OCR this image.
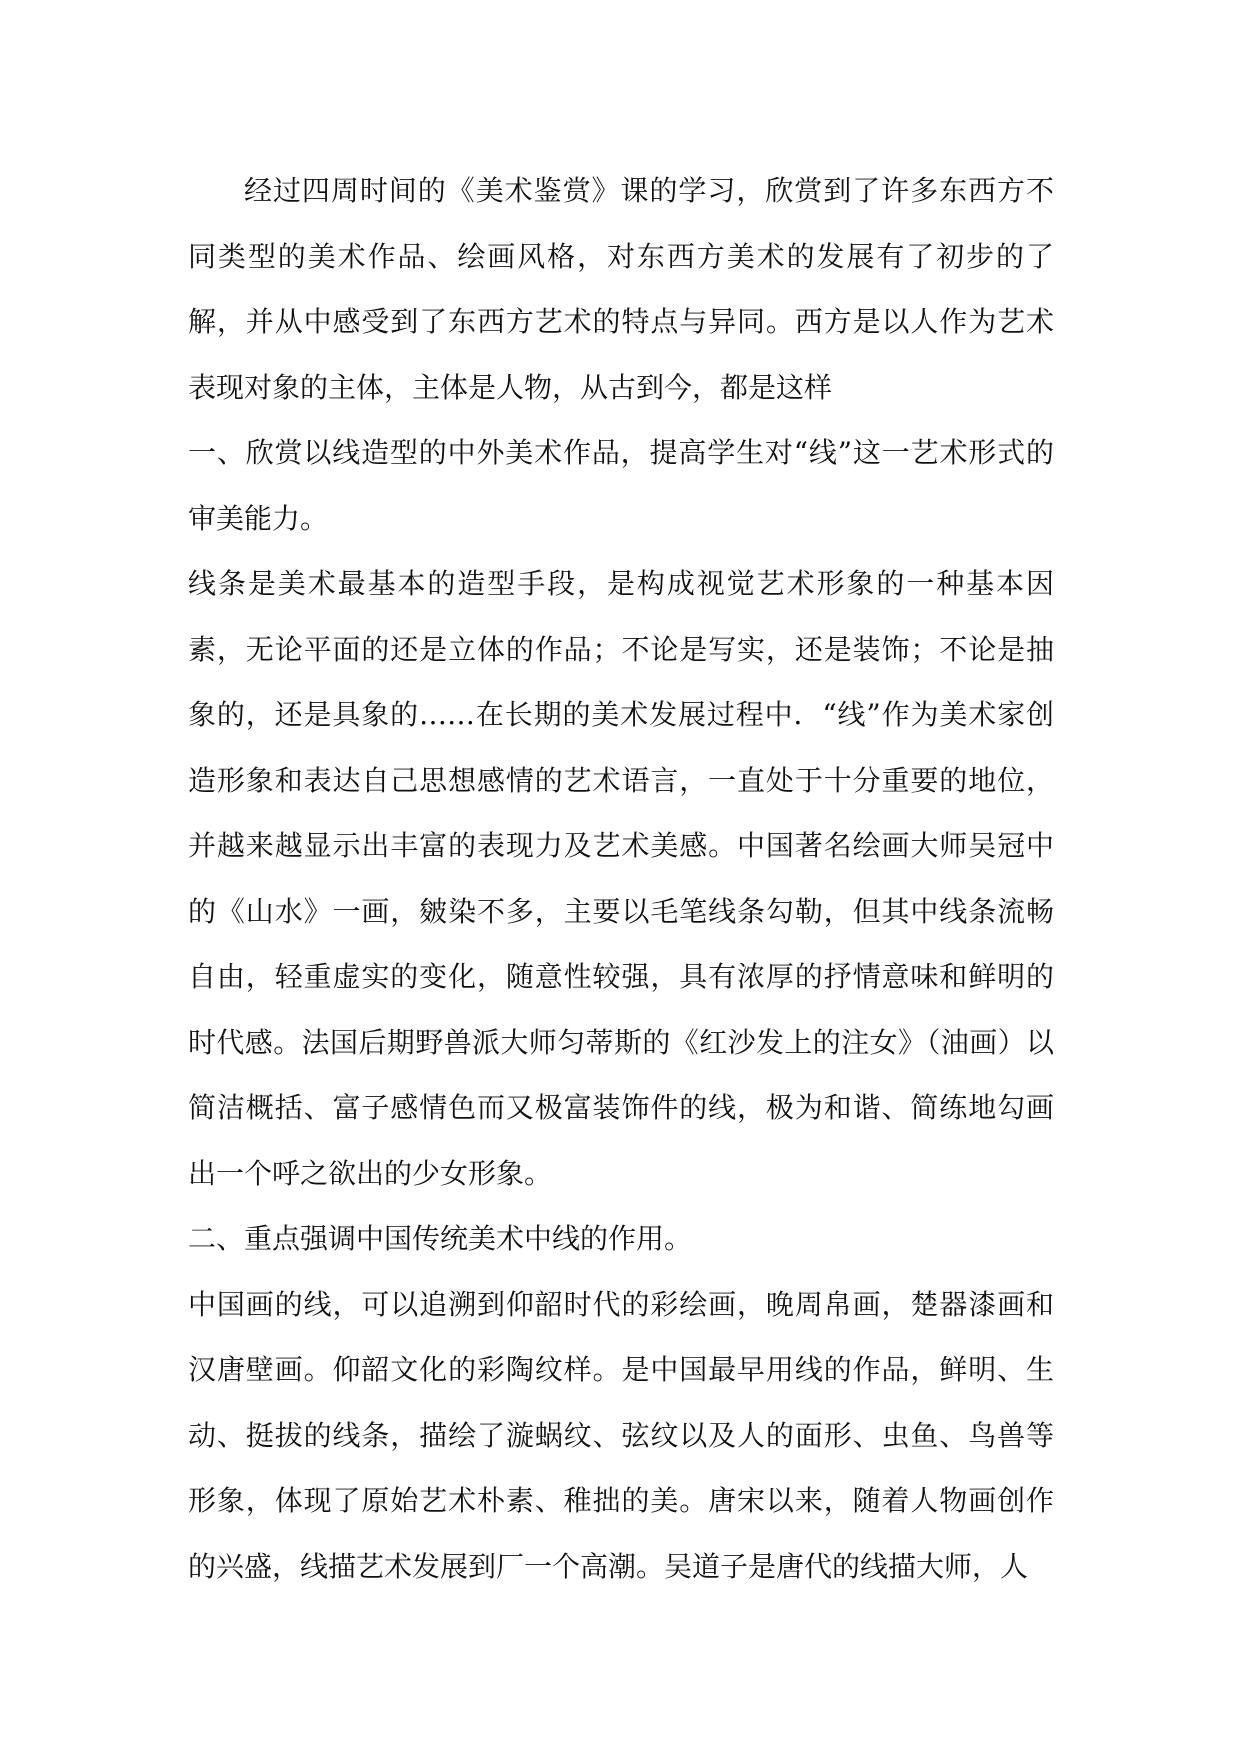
经过四周时间的《美术鉴赏》课的学习，欣赏到了许多东西方不同类型的美术作品、绘画风格，对东西方美术的发展有了初步的了解，并从中感受到了东西方艺术的特点与异同。西方是以人作为艺术表现对象的主体，主体是人物，从古到今，都是这样

一、欣赏以线造型的中外美术作品，提高学生对“线”这一艺术形式的审美能力。

线条是美术最基本的造型手段，是构成视觉艺术形象的一种基本因素，无论平面的还是立体的作品；不论是写实，还是装饰；不论是抽象的，还是具象的……在长期的美术发展过程中．“线”作为美术家创造形象和表达自己思想感情的艺术语言，一直处于十分重要的地位，并越来越显示出丰富的表现力及艺术美感。中国著名绘画大师吴冠中的《山水》一画，皴染不多，主要以毛笔线条勾勒，但其中线条流畅自由，轻重虚实的变化，随意性较强，具有浓厚的抒情意味和鲜明的时代感。法国后期野兽派大师匀蒂斯的《红沙发上的注女》（油画）以简洁概括、富子感情色而又极富装饰件的线，极为和谐、简练地勾画出一个呼之欲出的少女形象。

二、重点强调中国传统美术中线的作用。

中国画的线，可以追溯到仰韶时代的彩绘画，晚周帛画，楚器漆画和汉唐壁画。仰韶文化的彩陶纹样。是中国最早用线的作品，鲜明、生动、挺拔的线条，描绘了漩蜗纹、弦纹以及人的面形、虫鱼、鸟兽等形象，体现了原始艺术朴素、稚拙的美。唐宋以来，随着人物画创作的兴盛，线描艺术发展到厂一个高潮。吴道子是唐代的线描大师，人
